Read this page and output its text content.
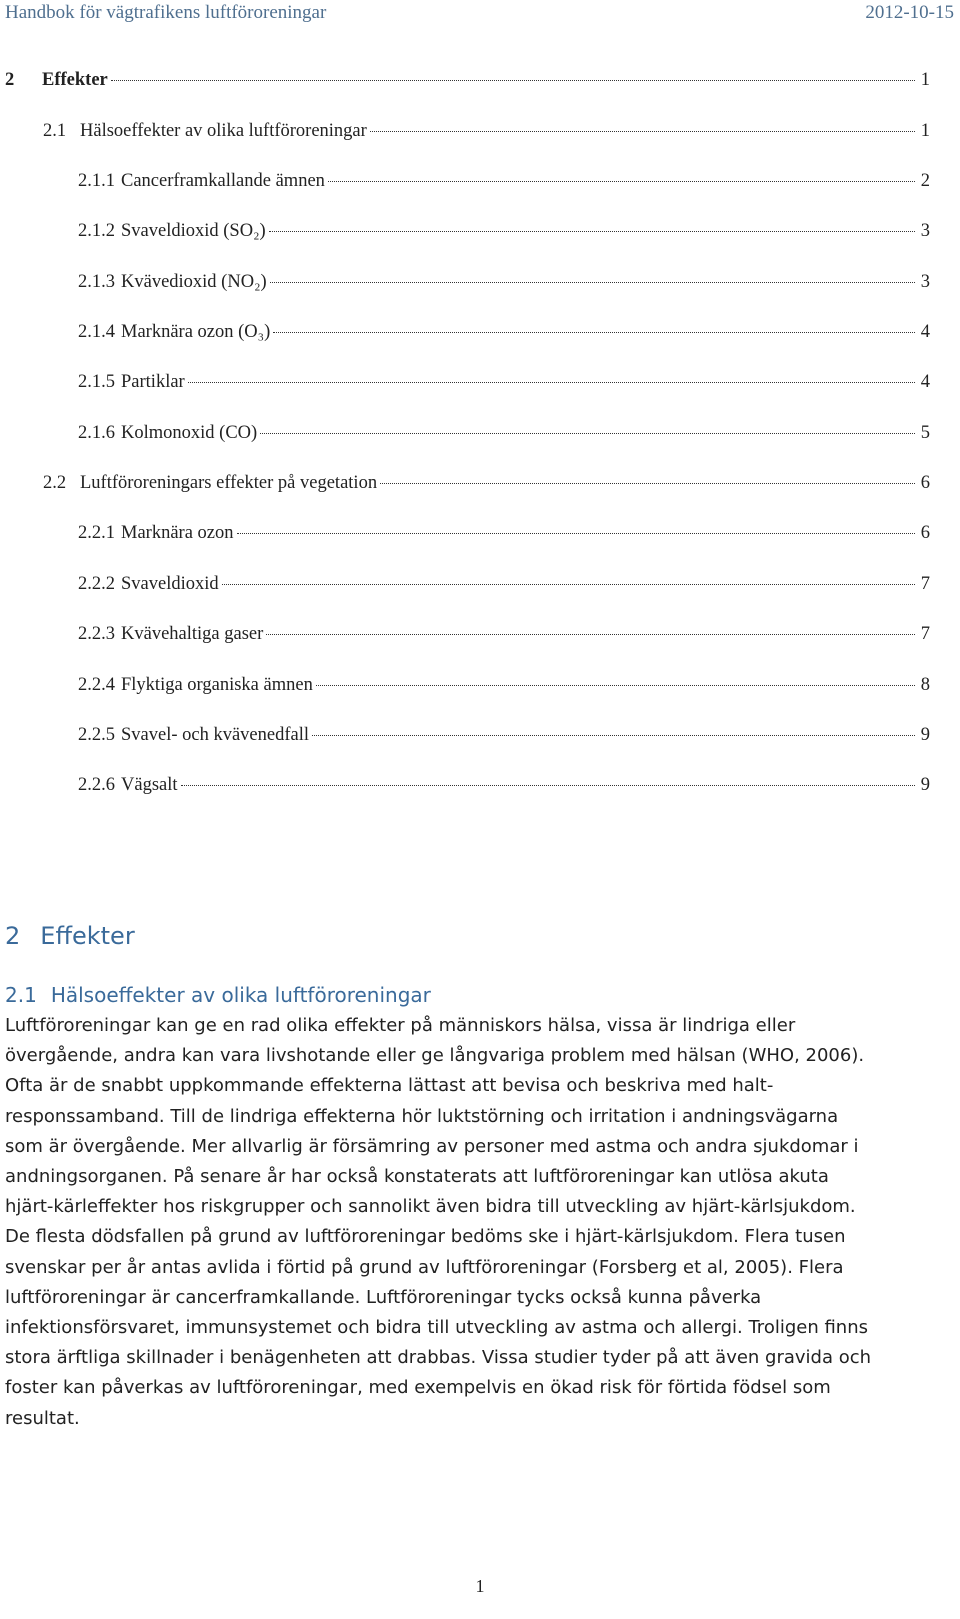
Handbok för vägtrafikens luftföroreningar	2012-10-15
2	Effekter	1
2.1 Hälsoeffekter av olika luftföroreningar	1
2.1.1 Cancerframkallande ämnen	2
2.1.2 Svaveldioxid (SO₂)	3
2.1.3 Kvävedioxid (NO₂)	3
2.1.4 Marknära ozon (O₃)	4
2.1.5 Partiklar	4
2.1.6 Kolmonoxid (CO)	5
2.2 Luftföroreningars effekter på vegetation	6
2.2.1 Marknära ozon	6
2.2.2 Svaveldioxid	7
2.2.3 Kvävehaltiga gaser	7
2.2.4 Flyktiga organiska ämnen	8
2.2.5 Svavel- och kvävenedfall	9
2.2.6 Vägsalt	9
2 Effekter
2.1 Hälsoeffekter av olika luftföroreningar
Luftföroreningar kan ge en rad olika effekter på människors hälsa, vissa är lindriga eller
övergående, andra kan vara livshotande eller ge långvariga problem med hälsan (WHO, 2006).
Ofta är de snabbt uppkommande effekterna lättast att bevisa och beskriva med halt-
responssamband. Till de lindriga effekterna hör luktstörning och irritation i andningsvägarna
som är övergående. Mer allvarlig är försämring av personer med astma och andra sjukdomar i
andningsorganen. På senare år har också konstaterats att luftföroreningar kan utlösa akuta
hjärt-kärleffekter hos riskgrupper och sannolikt även bidra till utveckling av hjärt-kärlsjukdom.
De flesta dödsfallen på grund av luftföroreningar bedöms ske i hjärt-kärlsjukdom. Flera tusen
svenskar per år antas avlida i förtid på grund av luftföroreningar (Forsberg et al, 2005). Flera
luftföroreningar är cancerframkallande. Luftföroreningar tycks också kunna påverka
infektionsförsvaret, immunsystemet och bidra till utveckling av astma och allergi. Troligen finns
stora ärftliga skillnader i benägenheten att drabbas. Vissa studier tyder på att även gravida och
foster kan påverkas av luftföroreningar, med exempelvis en ökad risk för förtida födsel som
resultat.
1
